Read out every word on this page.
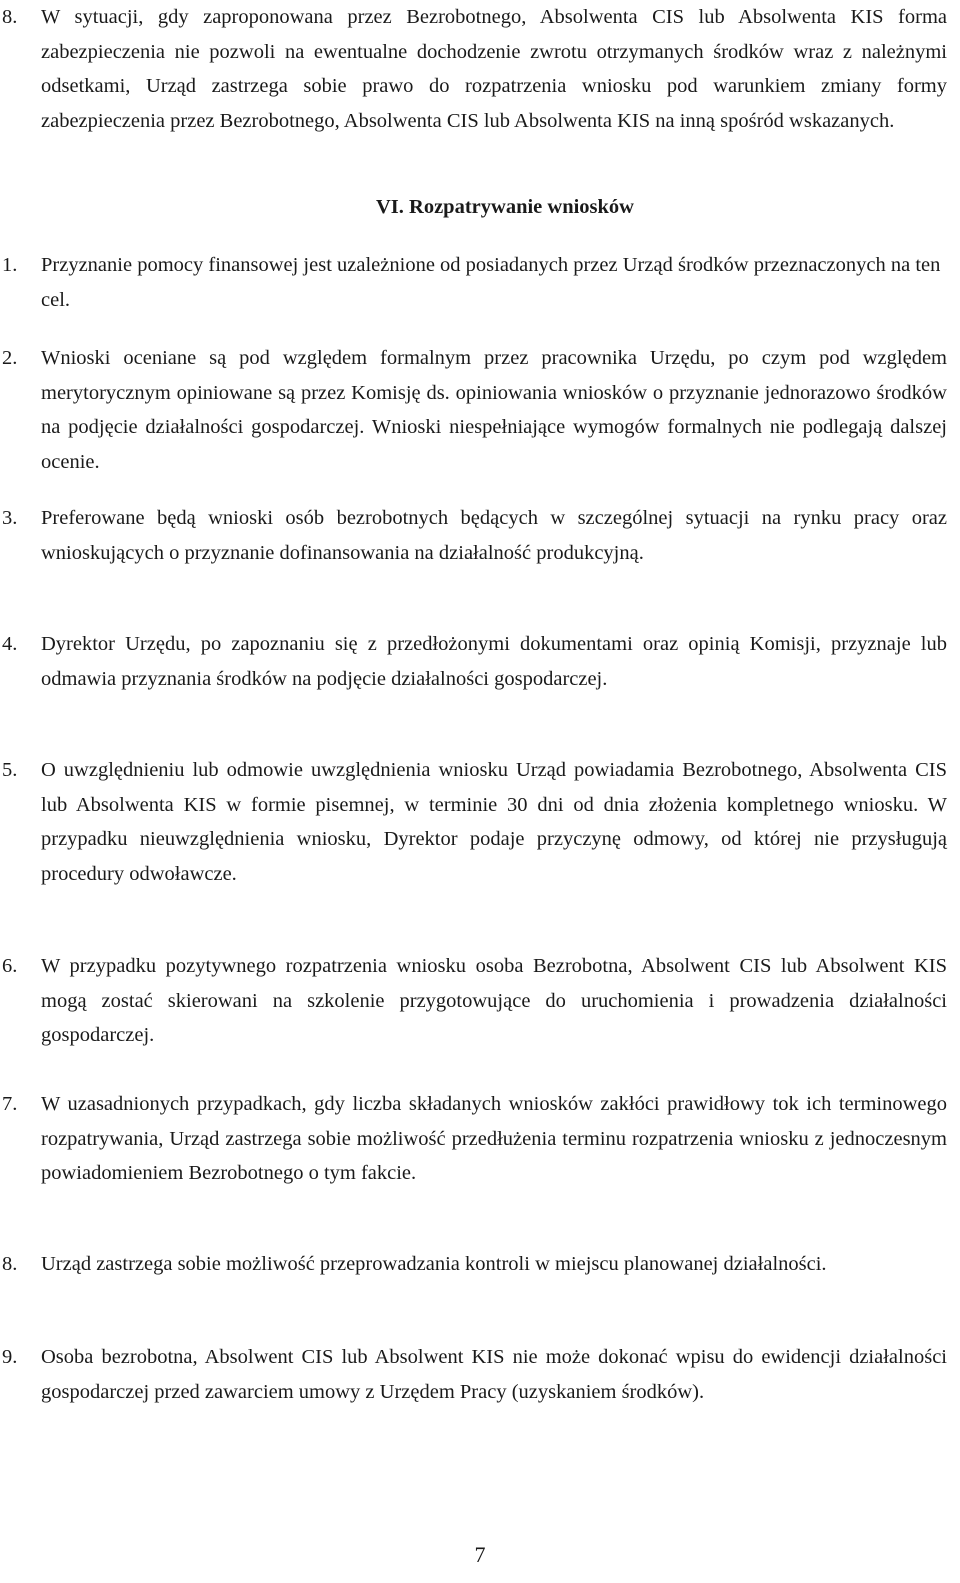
8.	W sytuacji, gdy zaproponowana przez Bezrobotnego, Absolwenta CIS lub Absolwenta KIS forma zabezpieczenia nie pozwoli na ewentualne dochodzenie zwrotu otrzymanych środków wraz z należnymi odsetkami, Urząd zastrzega sobie prawo do rozpatrzenia wniosku pod warunkiem zmiany formy zabezpieczenia przez Bezrobotnego, Absolwenta CIS lub Absolwenta KIS na inną spośród wskazanych.
VI. Rozpatrywanie wniosków
1.	Przyznanie pomocy finansowej jest uzależnione od posiadanych przez Urząd środków przeznaczonych na ten cel.
2.	Wnioski oceniane są pod względem formalnym przez pracownika Urzędu, po czym pod względem merytorycznym opiniowane są przez Komisję ds. opiniowania wniosków o przyznanie jednorazowo środków na podjęcie działalności gospodarczej. Wnioski niespełniające wymogów formalnych nie podlegają dalszej ocenie.
3.	Preferowane będą wnioski osób bezrobotnych będących w szczególnej sytuacji na rynku pracy oraz wnioskujących o przyznanie dofinansowania na działalność produkcyjną.
4.	Dyrektor Urzędu, po zapoznaniu się z przedłożonymi dokumentami oraz opinią Komisji, przyznaje lub odmawia przyznania środków na podjęcie działalności gospodarczej.
5.	O uwzględnieniu lub odmowie uwzględnienia wniosku Urząd powiadamia Bezrobotnego, Absolwenta CIS lub Absolwenta KIS w formie pisemnej, w terminie 30 dni od dnia złożenia kompletnego wniosku. W przypadku nieuwzględnienia wniosku, Dyrektor podaje przyczynę odmowy, od której nie przysługują procedury odwoławcze.
6.	W przypadku pozytywnego rozpatrzenia wniosku osoba Bezrobotna, Absolwent CIS lub Absolwent KIS mogą zostać skierowani na szkolenie przygotowujące do uruchomienia i prowadzenia działalności gospodarczej.
7.	W uzasadnionych przypadkach, gdy liczba składanych wniosków zakłóci prawidłowy tok ich terminowego rozpatrywania, Urząd zastrzega sobie możliwość przedłużenia terminu rozpatrzenia wniosku z jednoczesnym powiadomieniem Bezrobotnego o tym fakcie.
8.	Urząd zastrzega sobie możliwość przeprowadzania kontroli w miejscu planowanej działalności.
9.	Osoba bezrobotna, Absolwent CIS lub Absolwent KIS nie może dokonać wpisu do ewidencji działalności gospodarczej przed zawarciem umowy z Urzędem Pracy (uzyskaniem środków).
7
